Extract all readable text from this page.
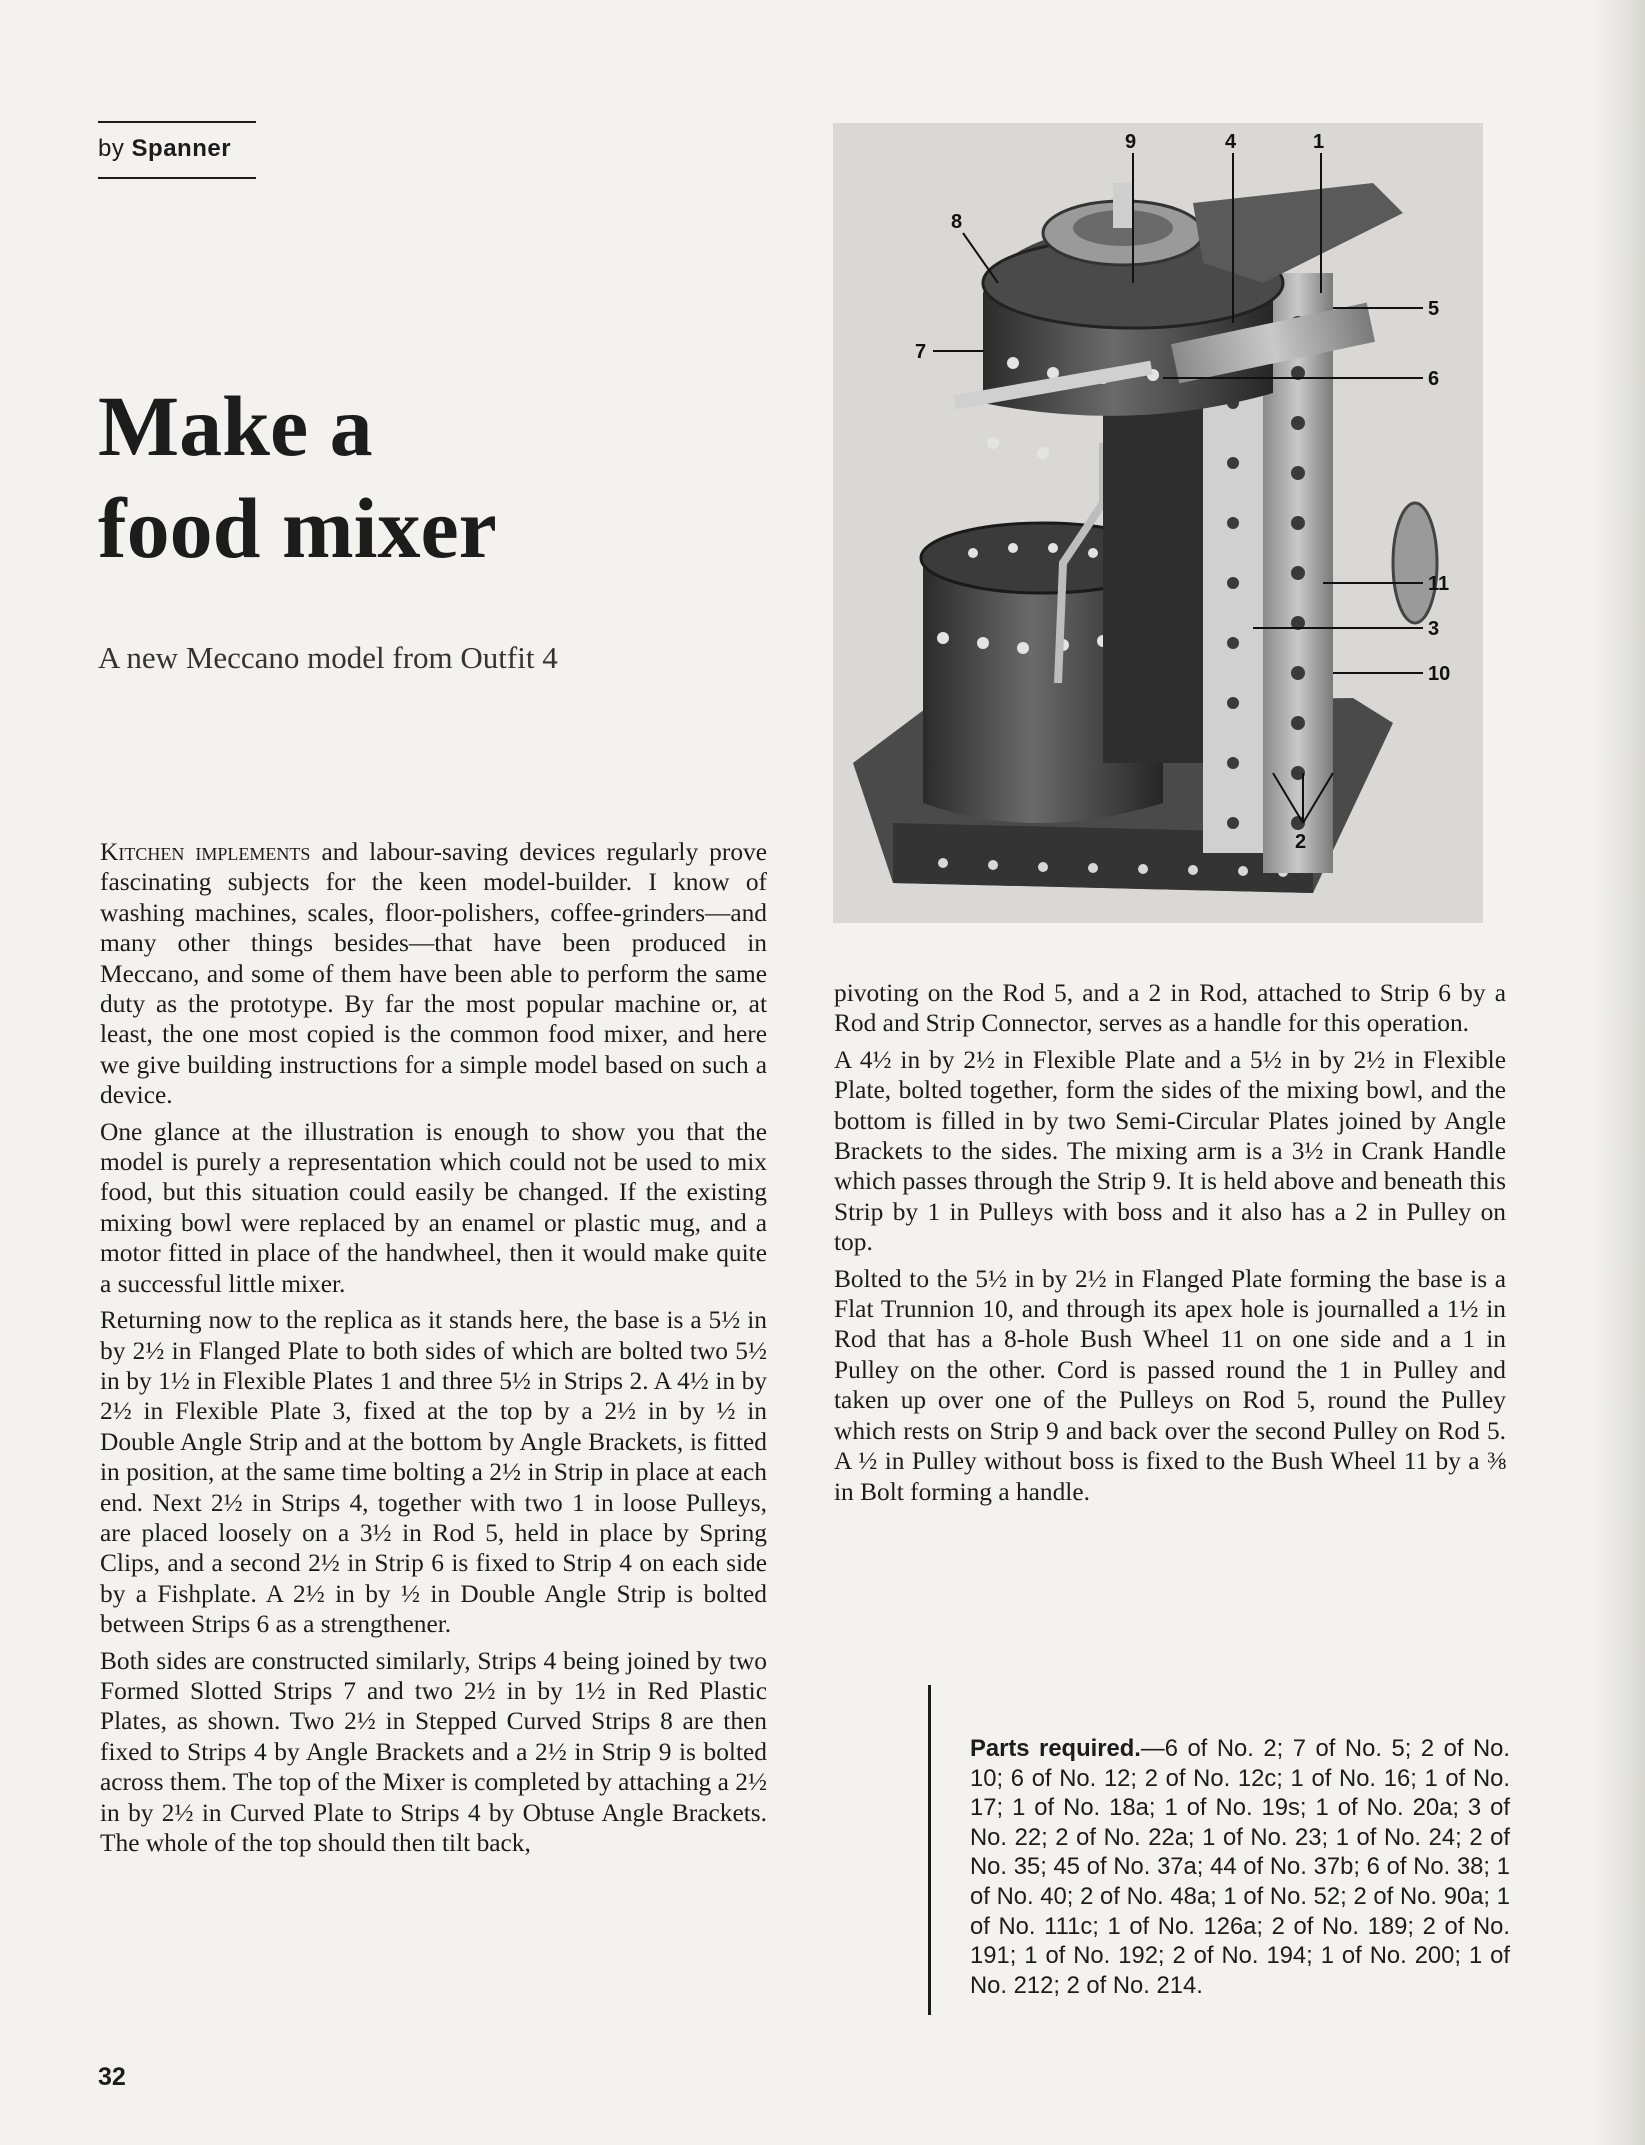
by Spanner
Make a
food mixer
A new Meccano model from Outfit 4
9	4	1
8
5
7
6
11
3
10
2

Kitchen implements and labour-saving devices regularly prove fascinating subjects for the keen model-builder. I know of washing machines, scales, floor-polishers, coffee-grinders—and many other things besides—that have been produced in Meccano, and some of them have been able to perform the same duty as the prototype. By far the most popular machine or, at least, the one most copied is the common food mixer, and here we give building instructions for a simple model based on such a device.

One glance at the illustration is enough to show you that the model is purely a representation which could not be used to mix food, but this situation could easily be changed. If the existing mixing bowl were replaced by an enamel or plastic mug, and a motor fitted in place of the handwheel, then it would make quite a successful little mixer.

Returning now to the replica as it stands here, the base is a 5½ in by 2½ in Flanged Plate to both sides of which are bolted two 5½ in by 1½ in Flexible Plates 1 and three 5½ in Strips 2. A 4½ in by 2½ in Flexible Plate 3, fixed at the top by a 2½ in by ½ in Double Angle Strip and at the bottom by Angle Brackets, is fitted in position, at the same time bolting a 2½ in Strip in place at each end. Next 2½ in Strips 4, together with two 1 in loose Pulleys, are placed loosely on a 3½ in Rod 5, held in place by Spring Clips, and a second 2½ in Strip 6 is fixed to Strip 4 on each side by a Fishplate. A 2½ in by ½ in Double Angle Strip is bolted between Strips 6 as a strengthener.

Both sides are constructed similarly, Strips 4 being joined by two Formed Slotted Strips 7 and two 2½ in by 1½ in Red Plastic Plates, as shown. Two 2½ in Stepped Curved Strips 8 are then fixed to Strips 4 by Angle Brackets and a 2½ in Strip 9 is bolted across them. The top of the Mixer is completed by attaching a 2½ in by 2½ in Curved Plate to Strips 4 by Obtuse Angle Brackets. The whole of the top should then tilt back,

pivoting on the Rod 5, and a 2 in Rod, attached to Strip 6 by a Rod and Strip Connector, serves as a handle for this operation.

A 4½ in by 2½ in Flexible Plate and a 5½ in by 2½ in Flexible Plate, bolted together, form the sides of the mixing bowl, and the bottom is filled in by two Semi-Circular Plates joined by Angle Brackets to the sides. The mixing arm is a 3½ in Crank Handle which passes through the Strip 9. It is held above and beneath this Strip by 1 in Pulleys with boss and it also has a 2 in Pulley on top.

Bolted to the 5½ in by 2½ in Flanged Plate forming the base is a Flat Trunnion 10, and through its apex hole is journalled a 1½ in Rod that has a 8-hole Bush Wheel 11 on one side and a 1 in Pulley on the other. Cord is passed round the 1 in Pulley and taken up over one of the Pulleys on Rod 5, round the Pulley which rests on Strip 9 and back over the second Pulley on Rod 5. A ½ in Pulley without boss is fixed to the Bush Wheel 11 by a ⅜ in Bolt forming a handle.

Parts required.—6 of No. 2; 7 of No. 5; 2 of No. 10; 6 of No. 12; 2 of No. 12c; 1 of No. 16; 1 of No. 17; 1 of No. 18a; 1 of No. 19s; 1 of No. 20a; 3 of No. 22; 2 of No. 22a; 1 of No. 23; 1 of No. 24; 2 of No. 35; 45 of No. 37a; 44 of No. 37b; 6 of No. 38; 1 of No. 40; 2 of No. 48a; 1 of No. 52; 2 of No. 90a; 1 of No. 111c; 1 of No. 126a; 2 of No. 189; 2 of No. 191; 1 of No. 192; 2 of No. 194; 1 of No. 200; 1 of No. 212; 2 of No. 214.
32
